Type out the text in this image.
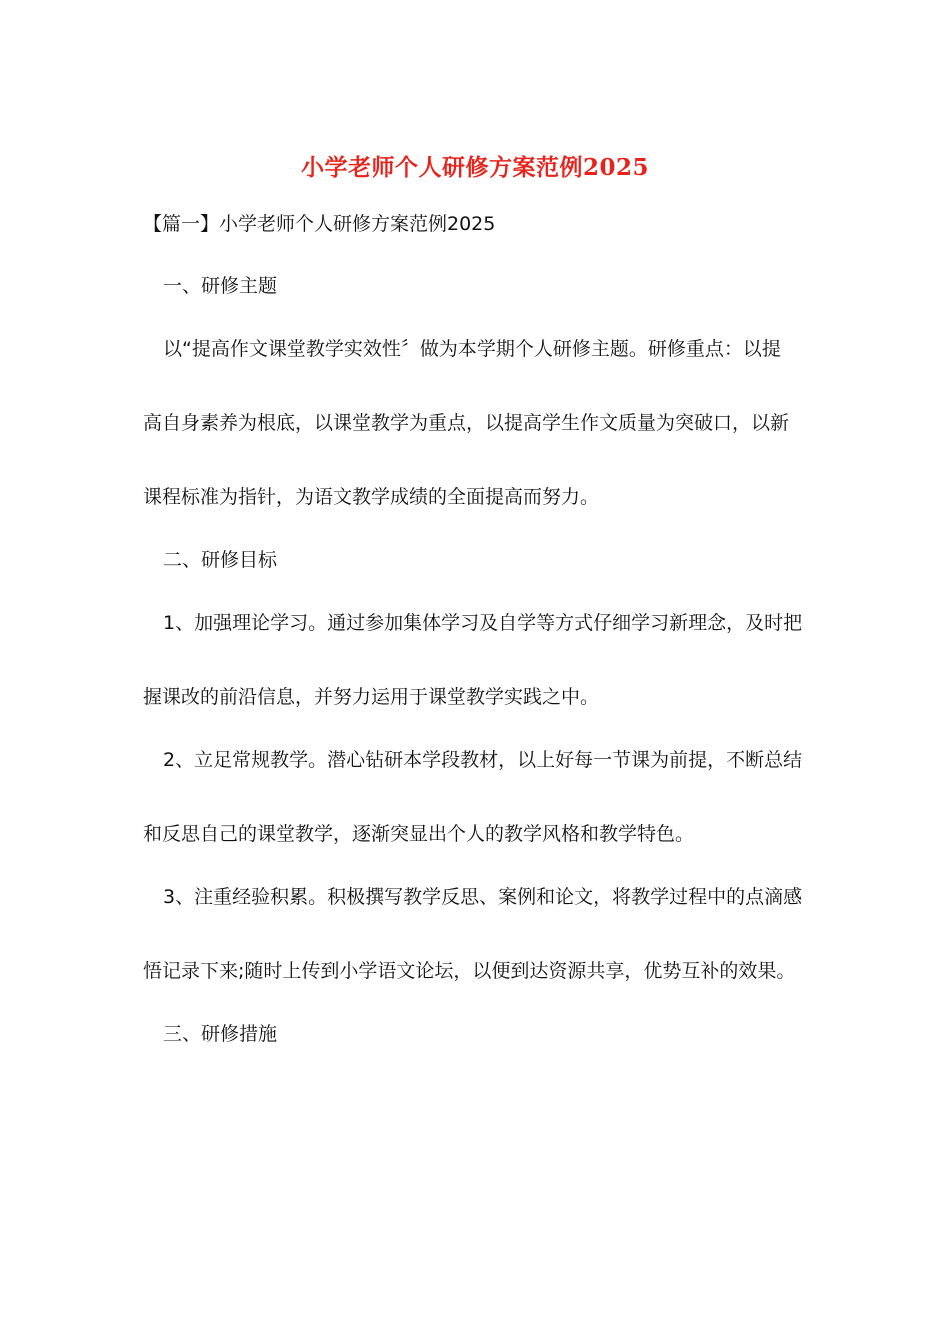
小学老师个人研修方案范例2025

【篇一】小学老师个人研修方案范例2025

一、研修主题

以“提高作文课堂教学实效性〞做为本学期个人研修主题。研修重点：以提

高自身素养为根底，以课堂教学为重点，以提高学生作文质量为突破口，以新

课程标准为指针，为语文教学成绩的全面提高而努力。

二、研修目标

1、加强理论学习。通过参加集体学习及自学等方式仔细学习新理念，及时把

握课改的前沿信息，并努力运用于课堂教学实践之中。

2、立足常规教学。潜心钻研本学段教材，以上好每一节课为前提，不断总结

和反思自己的课堂教学，逐渐突显出个人的教学风格和教学特色。

3、注重经验积累。积极撰写教学反思、案例和论文，将教学过程中的点滴感

悟记录下来;随时上传到小学语文论坛，以便到达资源共享，优势互补的效果。

三、研修措施
